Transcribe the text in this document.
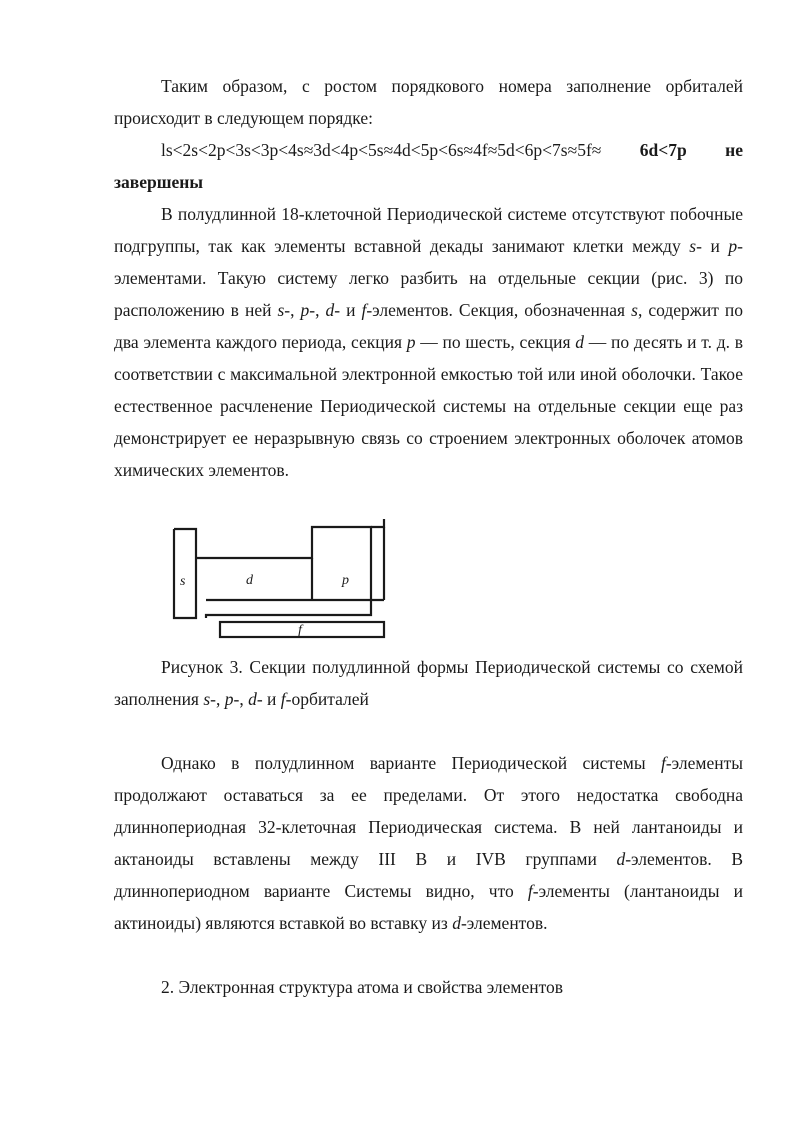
Таким образом, с ростом порядкового номера заполнение орбиталей происходит в следующем порядке:

ls<2s<2p<3s<3p<4s≈3d<4p<5s≈4d<5p<6s≈4f≈5d<6p<7s≈5f≈ 6d<7p не завершены

В полудлинной 18-клеточной Периодической системе отсутствуют побочные подгруппы, так как элементы вставной декады занимают клетки между s- и p-элементами. Такую систему легко разбить на отдельные секции (рис. 3) по расположению в ней s-, p-, d- и f-элементов. Секция, обозначенная s, содержит по два элемента каждого периода, секция p — по шесть, секция d — по десять и т. д. в соответствии с максимальной электронной емкостью той или иной оболочки. Такое естественное расчленение Периодической системы на отдельные секции еще раз демонстрирует ее неразрывную связь со строением электронных оболочек атомов химических элементов.

s	d	p
f

Рисунок 3. Секции полудлинной формы Периодической системы со схемой заполнения s-, p-, d- и f-орбиталей

Однако в полудлинном варианте Периодической системы f-элементы продолжают оставаться за ее пределами. От этого недостатка свободна длиннопериодная 32-клеточная Периодическая система. В ней лантаноиды и актаноиды вставлены между III B и IVB группами d-элементов. В длиннопериодном варианте Системы видно, что f-элементы (лантаноиды и актиноиды) являются вставкой во вставку из d-элементов.

2. Электронная структура атома и свойства элементов
